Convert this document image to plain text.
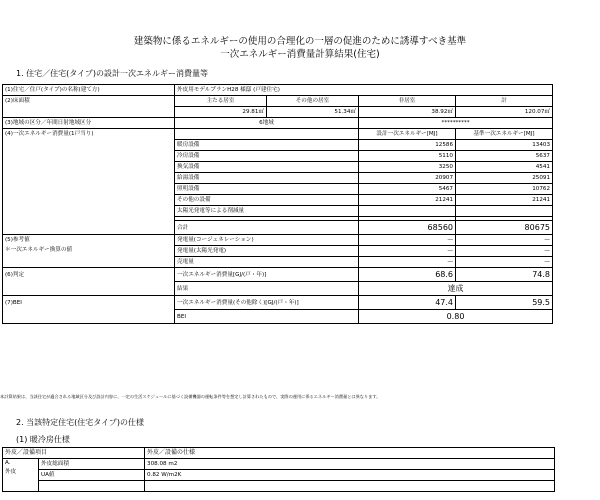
建築物に係るエネルギーの使用の合理化の一層の促進のために誘導すべき基準
一次エネルギー消費量計算結果(住宅)
1. 住宅／住宅(タイプ)の設計一次エネルギー消費量等
(1)住宅／住戸(タイプ)の名称(建て方)	外皮用モデルプランH28 様邸 (戸建住宅)			
(2)床面積	主たる居室	その他の居室	非居室	計
	29.81㎡	51.34㎡	38.92㎡	120.07㎡
(3)地域の区分／年間日射地域区分	6地域		**********	
(4)一次エネルギー消費量(1戸当り)			設計一次エネルギー[MJ]	基準一次エネルギー[MJ]
	暖房設備		12586	13403
	冷房設備		5110	5637
	換気設備		3250	4541
	給湯設備		20907	25091
	照明設備		5467	10762
	その他の設備		21241	21241
	太陽光発電等による削減量			

	合計		68560	80675

(5)参考値
＊一次エネルギー換算の値	発電量(コージェネレーション)		—	—
	発電量(太陽光発電)		—	—
	売電量		—	—
(6)判定	一次エネルギー消費量[GJ/(戸・年)]		68.6	74.8
	結果		達成	
(7)BEI	一次エネルギー消費量(その他除く)[GJ/(戸・年)]		47.4	59.5
	BEI		0.80	
本計算結果は、当該住宅が適合される地域区分及び設計内容に、一定の生活スケジュールに基づく設備機器の運転条件等を想定し計算されたもので、実際の運用に係るエネルギー消費量とは異なります。
2. 当該特定住宅(住宅タイプ)の仕様
(1) 暖冷房仕様
外皮／設備項目		外皮／設備の仕様

A.
外皮	外皮総面積	308.08 m2
	UA値	0.82 W/m2K
